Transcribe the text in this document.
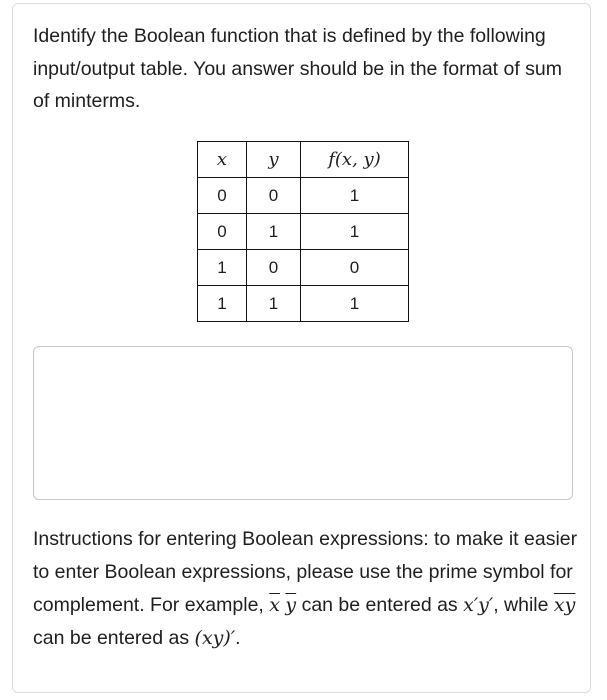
Identify the Boolean function that is defined by the following input/output table. You answer should be in the format of sum of minterms.

x	y	f(x, y)
0	0	1
0	1	1
1	0	0
1	1	1

Instructions for entering Boolean expressions: to make it easier to enter Boolean expressions, please use the prime symbol for complement. For example, $\overline{x}$ $\overline{y}$ can be entered as x′y′, while $\overline{xy}$ can be entered as (xy)′.
